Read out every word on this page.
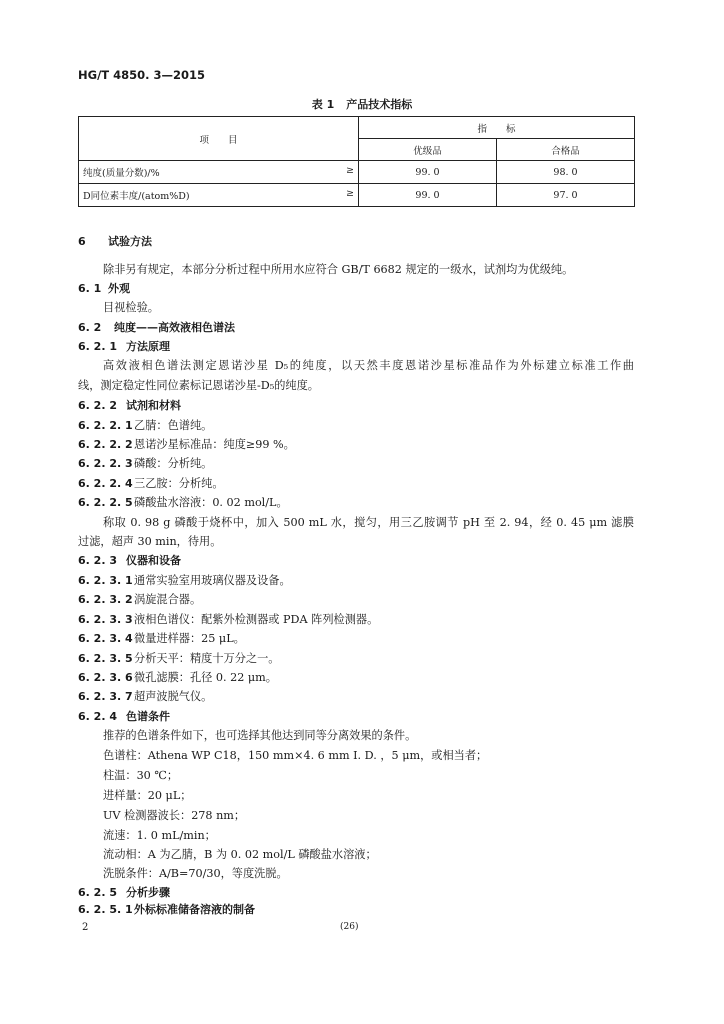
HG/T 4850. 3—2015
表 1 产品技术指标
项　　目	指　　标	
	优级品	合格品
纯度(质量分数)/% ≥	99. 0	98. 0
D同位素丰度/(atom%D) ≥	99. 0	97. 0
6 试验方法
除非另有规定，本部分分析过程中所用水应符合 GB/T 6682 规定的一级水，试剂均为优级纯。
6. 1 外观
目视检验。
6. 2 纯度——高效液相色谱法
6. 2. 1 方法原理
高效液相色谱法测定恩诺沙星 D₅的纯度，以天然丰度恩诺沙星标准品作为外标建立标准工作曲
线，测定稳定性同位素标记恩诺沙星-D₅的纯度。
6. 2. 2 试剂和材料
6. 2. 2. 1乙腈：色谱纯。
6. 2. 2. 2恩诺沙星标准品：纯度≥99 %。
6. 2. 2. 3磷酸：分析纯。
6. 2. 2. 4三乙胺：分析纯。
6. 2. 2. 5磷酸盐水溶液：0. 02 mol/L。
称取 0. 98 g 磷酸于烧杯中，加入 500 mL 水，搅匀，用三乙胺调节 pH 至 2. 94，经 0. 45 μm 滤膜
过滤，超声 30 min，待用。
6. 2. 3 仪器和设备
6. 2. 3. 1通常实验室用玻璃仪器及设备。
6. 2. 3. 2涡旋混合器。
6. 2. 3. 3液相色谱仪：配紫外检测器或 PDA 阵列检测器。
6. 2. 3. 4微量进样器：25 μL。
6. 2. 3. 5分析天平：精度十万分之一。
6. 2. 3. 6微孔滤膜：孔径 0. 22 μm。
6. 2. 3. 7超声波脱气仪。
6. 2. 4 色谱条件
推荐的色谱条件如下，也可选择其他达到同等分离效果的条件。
色谱柱：Athena WP C18，150 mm×4. 6 mm I. D. ，5 μm，或相当者；
柱温：30 ℃；
进样量：20 μL；
UV 检测器波长：278 nm；
流速：1. 0 mL/min；
流动相：A 为乙腈，B 为 0. 02 mol/L 磷酸盐水溶液；
洗脱条件：A/B=70/30，等度洗脱。
6. 2. 5 分析步骤
6. 2. 5. 1外标标准储备溶液的制备
2	(26)
